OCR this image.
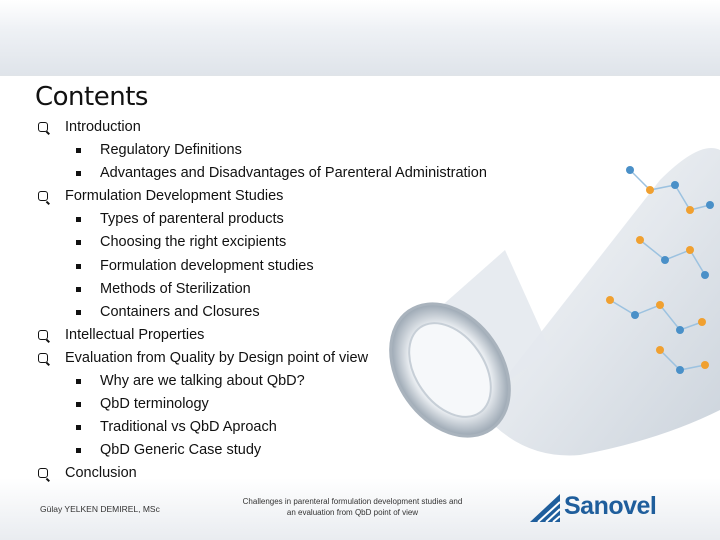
Contents
Introduction
Regulatory Definitions
Advantages and Disadvantages of Parenteral Administration
Formulation Development Studies
Types of parenteral products
Choosing the right excipients
Formulation development studies
Methods of Sterilization
Containers and Closures
Intellectual Properties
Evaluation from Quality by Design point of view
Why are we talking about QbD?
QbD terminology
Traditional vs QbD Aproach
QbD Generic Case study
Conclusion
Gülay YELKEN DEMIREL, MSc
Challenges in parenteral formulation development studies and an evaluation from QbD point of view	Sanovel
